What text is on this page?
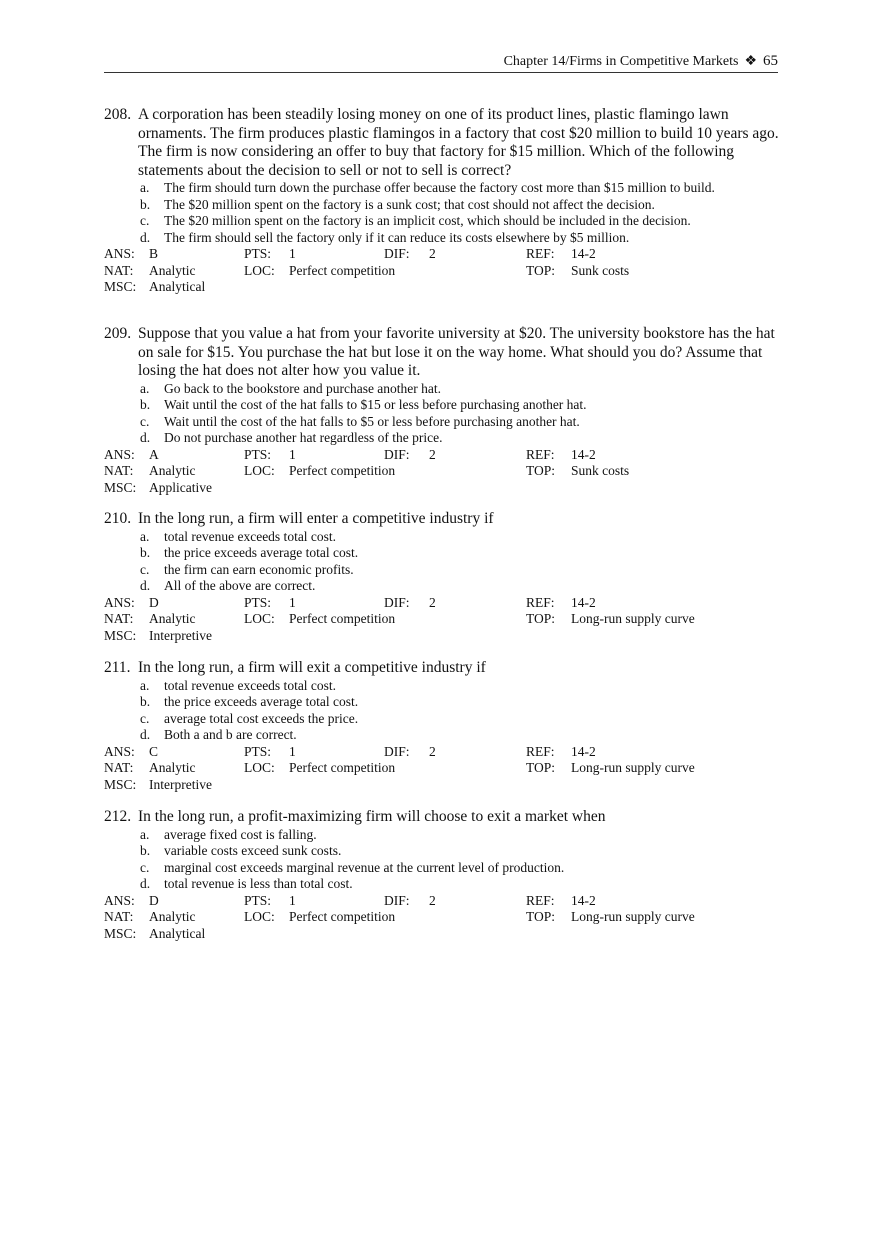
Chapter 14/Firms in Competitive Markets ❖ 65
208. A corporation has been steadily losing money on one of its product lines, plastic flamingo lawn ornaments. The firm produces plastic flamingos in a factory that cost $20 million to build 10 years ago. The firm is now considering an offer to buy that factory for $15 million. Which of the following statements about the decision to sell or not to sell is correct?
a. The firm should turn down the purchase offer because the factory cost more than $15 million to build.
b. The $20 million spent on the factory is a sunk cost; that cost should not affect the decision.
c. The $20 million spent on the factory is an implicit cost, which should be included in the decision.
d. The firm should sell the factory only if it can reduce its costs elsewhere by $5 million.
ANS: B	PTS: 1	DIF: 2	REF: 14-2
NAT: Analytic	LOC: Perfect competition	TOP: Sunk costs
MSC: Analytical
209. Suppose that you value a hat from your favorite university at $20. The university bookstore has the hat on sale for $15. You purchase the hat but lose it on the way home. What should you do? Assume that losing the hat does not alter how you value it.
a. Go back to the bookstore and purchase another hat.
b. Wait until the cost of the hat falls to $15 or less before purchasing another hat.
c. Wait until the cost of the hat falls to $5 or less before purchasing another hat.
d. Do not purchase another hat regardless of the price.
ANS: A	PTS: 1	DIF: 2	REF: 14-2
NAT: Analytic	LOC: Perfect competition	TOP: Sunk costs
MSC: Applicative
210. In the long run, a firm will enter a competitive industry if
a. total revenue exceeds total cost.
b. the price exceeds average total cost.
c. the firm can earn economic profits.
d. All of the above are correct.
ANS: D	PTS: 1	DIF: 2	REF: 14-2
NAT: Analytic	LOC: Perfect competition	TOP: Long-run supply curve
MSC: Interpretive
211. In the long run, a firm will exit a competitive industry if
a. total revenue exceeds total cost.
b. the price exceeds average total cost.
c. average total cost exceeds the price.
d. Both a and b are correct.
ANS: C	PTS: 1	DIF: 2	REF: 14-2
NAT: Analytic	LOC: Perfect competition	TOP: Long-run supply curve
MSC: Interpretive
212. In the long run, a profit-maximizing firm will choose to exit a market when
a. average fixed cost is falling.
b. variable costs exceed sunk costs.
c. marginal cost exceeds marginal revenue at the current level of production.
d. total revenue is less than total cost.
ANS: D	PTS: 1	DIF: 2	REF: 14-2
NAT: Analytic	LOC: Perfect competition	TOP: Long-run supply curve
MSC: Analytical
